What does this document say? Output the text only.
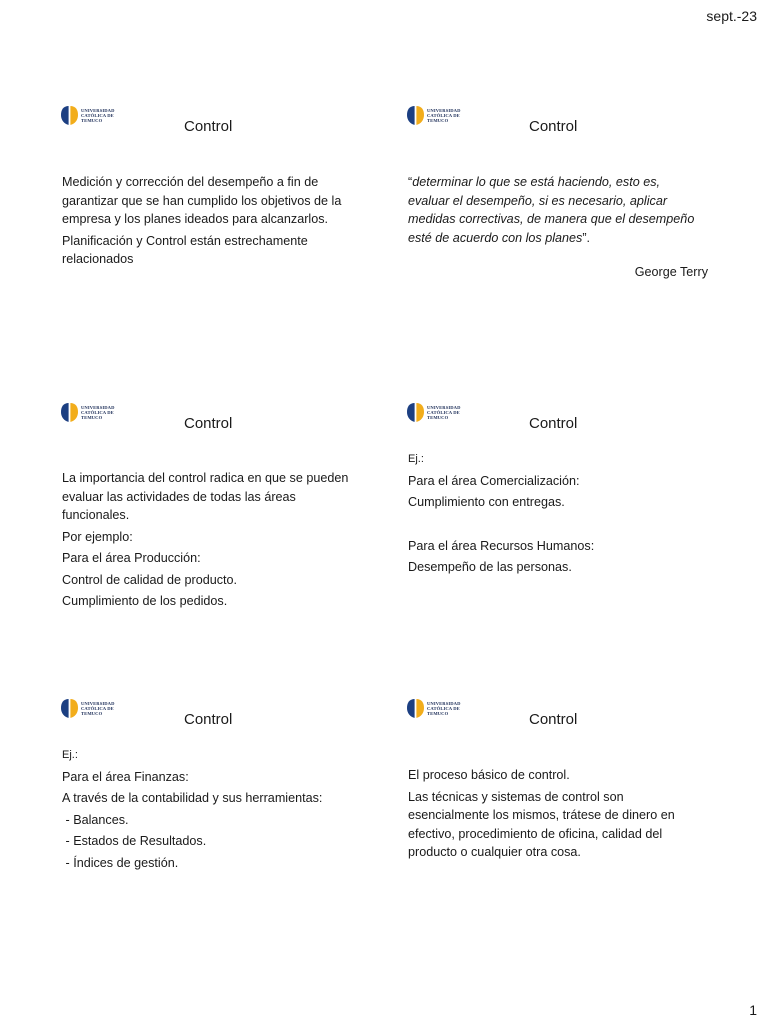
sept.-23
UNIVERSIDAD
CATÓLICA DE
TEMUCO	Control

Medición y corrección del desempeño a fin de garantizar que se han cumplido los objetivos de la empresa y los planes ideados para alcanzarlos.

Planificación y Control están estrechamente relacionados

UNIVERSIDAD
CATÓLICA DE
TEMUCO	Control

“determinar lo que se está haciendo, esto es, evaluar el desempeño, si es necesario, aplicar medidas correctivas, de manera que el desempeño esté de acuerdo con los planes”.

George Terry
UNIVERSIDAD
CATÓLICA DE
TEMUCO	Control

La importancia del control radica en que se pueden evaluar las actividades de todas las áreas funcionales.

Por ejemplo:

Para el área Producción:

Control de calidad de producto.

Cumplimiento de los pedidos.

UNIVERSIDAD
CATÓLICA DE
TEMUCO	Control

Ej.:

Para el área Comercialización:

Cumplimiento con entregas.

Para el área Recursos Humanos:

Desempeño de las personas.

UNIVERSIDAD
CATÓLICA DE
TEMUCO	Control

Ej.:

Para el área Finanzas:

A través de la contabilidad y sus herramientas:

- Balances.

- Estados de Resultados.

- Índices de gestión.

UNIVERSIDAD
CATÓLICA DE
TEMUCO	Control

El proceso básico de control.

Las técnicas y sistemas de control son esencialmente los mismos, trátese de dinero en efectivo, procedimiento de oficina, calidad del producto o cualquier otra cosa.

1
